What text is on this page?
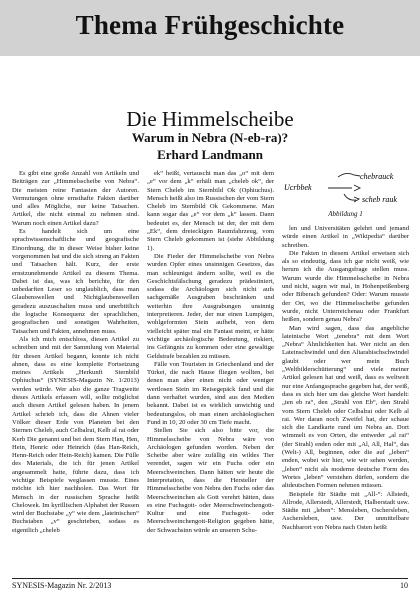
Thema Frühgeschichte
Die Himmelscheibe
Warum in Nebra (N-eb-ra)?
Erhard Landmann

Es gibt eine große Anzahl von Artikeln und Beiträgen zur „Himmelsscheibe von Nebra“. Die meisten reine Fantasien der Autoren. Vermutungen ohne ernsthafte Fakten darüber und alles Mögliche, nur keine Tatsachen. Artikel, die nicht einmal zu nehmen sind. Warum noch einen Artikel dazu?

Es handelt sich um eine sprachwissenschaftliche und geografische Einordnung, die in dieser Weise bisher keine vorgenommen hat und die sich streng an Fakten und Tatsachen hält. Kurz, der erste ernstzunehmende Artikel zu diesem Thema. Dabei ist das, was ich berichte, für den unbedarften Leser so unglaublich, dass man Glaubenswellen und Nichtglaubenswellen geradezu auszuschalten muss und unerbittlich die logische Konsequenz der sprachlichen, geografischen und sonstigen Wahrheiten, Tatsachen und Fakten, annehmen muss.

Als ich mich entschloss, diesen Artikel zu schreiben und mit der Sammlung von Material für diesen Artikel begann, konnte ich nicht ahnen, dass es eine komplette Fortsetzung meines Artikels „Herkunft Sternbild Ophiuchus“ (SYNESIS-Magazin Nr. 1/2013) werden würde. Wer also die ganze Tragweite dieses Artikels erfassen will, sollte möglichst auch diesen Artikel gelesen haben. In jenem Artikel schrieb ich, dass die Ahnen vieler Völker dieser Erde von Planeten bei den Sternen Cheleb, auch Celbalrai, Kelb al rai oder Kerb Die genannt und bei dem Stern Han, Hen, Hein, Henric oder Heinrich (das Han-Reich, Henn-Reich oder Hein-Reich) kamen. Die Fülle des Materials, die ich für jenen Artikel angesammelt hatte, führte dazu, dass ich wichtige Beispiele weglassen musste. Eines möchte ich hier nachholen. Das Wort für Mensch in der russischen Sprache heißt Chelowek. Im kyrillischen Alphabet der Russen wird der Buchstabe „y“ wie dem „lateinischen“ Buchstaben „v“ geschrieben, sodass es eigentlich „cheleb

ek“ heißt, vertauscht man das „o“ mit dem „e“ vor dem „k“ erhält man „cheleb ok“, der Stern Cheleb im Sternbild Ok (Ophiuchus). Mensch heißt also im Russischen der vom Stern Cheleb im Sternbild Ok Gekommene. Man kann sogar das „e“ vor dem „k“ lassen. Dann bedeutet es, der Mensch ist der, der mit dem „Ek“, dem dreieckigen Raumfahrzeug, vom Stern Cheleb gekommen ist (siehe Abbildung 1).

Die Fieder der Himmelscheibe von Nebra wurden Opfer eines unsinnigen Gesetzes, das man schleunigst ändern sollte, weil es die Geschichtsfälschung geradezu prädestiniert, sodass die Archäologen sich nicht aufs sachgemäße Ausgraben beschränken und weiterhin ihre Ausgrabungen unsinnig interpretieren. Jeder, der nur einen Lumpigen, wohlgeformten Stein aufhebt, von dem vielleicht später mal ein Fantast meint, er hätte wichtige archäologische Bedeutung, riskiert, ins Gefängnis zu kommen oder eine gewaltige Geldstrafe bezahlen zu müssen.

Fälle von Touristen in Griechenland und der Türkei, die nach Hause fliegen wollten, bei denen man aber einen nicht oder weniger wertlosen Stein im Reisegepäck fand und die dann verhaftet wurden, sind aus den Medien bekannt. Dabei ist es wirklich unwichtig und bedeutungslos, ob man einen archäologischen Fund in 10, 20 oder 30 cm Tiefe macht.

Stellen Sie sich also bitte vor, die Himmelsscheibe von Nebra wäre von Archäologen gefunden worden. Neben der Scheibe aber wäre zufällig ein wildes Tier verendet, sagen wir ein Fuchs oder ein Meerschweinchen. Dann hätten wir heute die Interpretation, dass die Hersteller der Himmelsscheibe von Nebra den Fuchs oder das Meerschweinchen als Gott verehrt hätten, dass es eine Fuchsgott- oder Meerschweinchengott-Kultur und eine Fuchsgott- oder Meerschweinchengott-Religion gegeben hätte, der Schwachsinn würde an unseren Schu-

chebrauck
Ucrbbek
scheb rauk
Abbildung 1

len und Universitäten gelehrt und jemand würde einen Artikel in „Wikipedia“ darüber schreiben.

Die Fakten in diesem Artikel erweisen sich als so eindeutig, dass ich gar nicht weiß, wie herum ich die Ausgangsfrage stellen muss. Warum wurde die Himmelsscheibe in Nebra und nicht, sagen wir mal, in Hohenpeißenberg oder Biberach gefunden? Oder: Warum musste der Ort, wo die Himmelsscheibe gefunden wurde, nicht Unterreichenau oder Frankfurt heißen, sondern genau Nebra?

Man wird sagen, dass das angebliche lateinische Wort „tenebra“ mit dem Wort „Nebra“ Ähnlichkeiten hat. Wer nicht an den Lateinschwindel und den Altarabischschwindel glaubt oder wer mein Buch „Weltbilderschütterung“ und viele meiner Artikel gelesen hat und weiß, dass es weltweit nur eine Anfangssprache gegeben hat, der weiß, dass es sich hier um das gleiche Wort handelt: „ten eb ra“, den „Strahl von Eb“, den Strahl vom Stern Cheleb oder Celbalrai oder Kelb al rai. Wer daran noch Zweifel hat, der schaue sich die Landkarte rund um Nebra an. Dort wimmelt es von Orten, die entweder „al rai“ (der Strahl) enden oder mit „Al, All, Hal“, das (Welt-) All, beginnen, oder die auf „leben“ enden, wobei wir hier, wie wir sehen werden, „leben“ nicht als moderne deutsche Form des Wortes „leben“ verstehen dürfen, sondern die altdeutschen Formen nehmen müssen.

Beispiele für Städte mit „All-“: Allstedt, Allrode, Allerstedt, Allerstedt, Halberstadt usw. Städte mit „leben“: Mensleben, Oschersleben, Aschersleben, usw. Der unmittelbare Nachbarort von Nebra nach Osten heißt

SYNESIS-Magazin Nr. 2/2013	10
